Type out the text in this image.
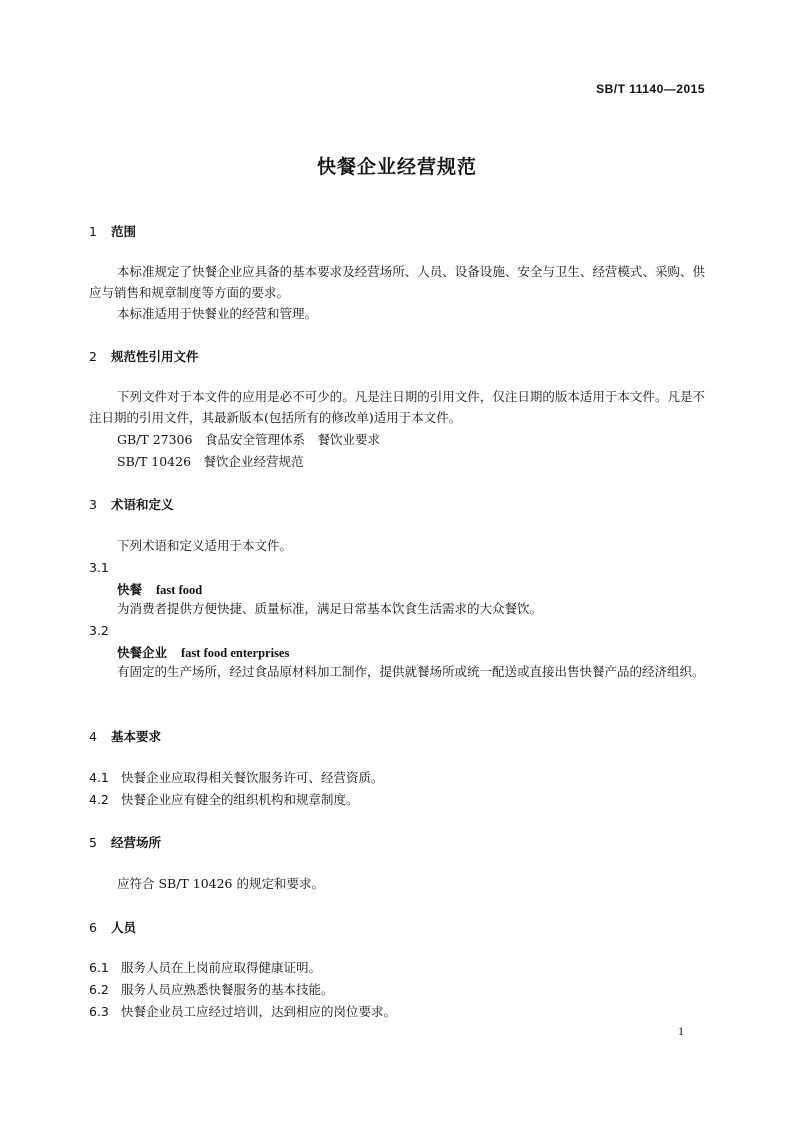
SB/T 11140—2015
快餐企业经营规范
1 范围
本标准规定了快餐企业应具备的基本要求及经营场所、人员、设备设施、安全与卫生、经营模式、采购、供应与销售和规章制度等方面的要求。
本标准适用于快餐业的经营和管理。
2 规范性引用文件
下列文件对于本文件的应用是必不可少的。凡是注日期的引用文件，仅注日期的版本适用于本文件。凡是不注日期的引用文件，其最新版本(包括所有的修改单)适用于本文件。
GB/T 27306　食品安全管理体系　餐饮业要求
SB/T 10426　餐饮企业经营规范
3 术语和定义
下列术语和定义适用于本文件。
3.1
快餐 fast food
为消费者提供方便快捷、质量标准，满足日常基本饮食生活需求的大众餐饮。
3.2
快餐企业 fast food enterprises
有固定的生产场所，经过食品原材料加工制作，提供就餐场所或统一配送或直接出售快餐产品的经济组织。
4 基本要求
4.1 快餐企业应取得相关餐饮服务许可、经营资质。
4.2 快餐企业应有健全的组织机构和规章制度。
5 经营场所
应符合 SB/T 10426 的规定和要求。
6 人员
6.1 服务人员在上岗前应取得健康证明。
6.2 服务人员应熟悉快餐服务的基本技能。
6.3 快餐企业员工应经过培训，达到相应的岗位要求。
1
